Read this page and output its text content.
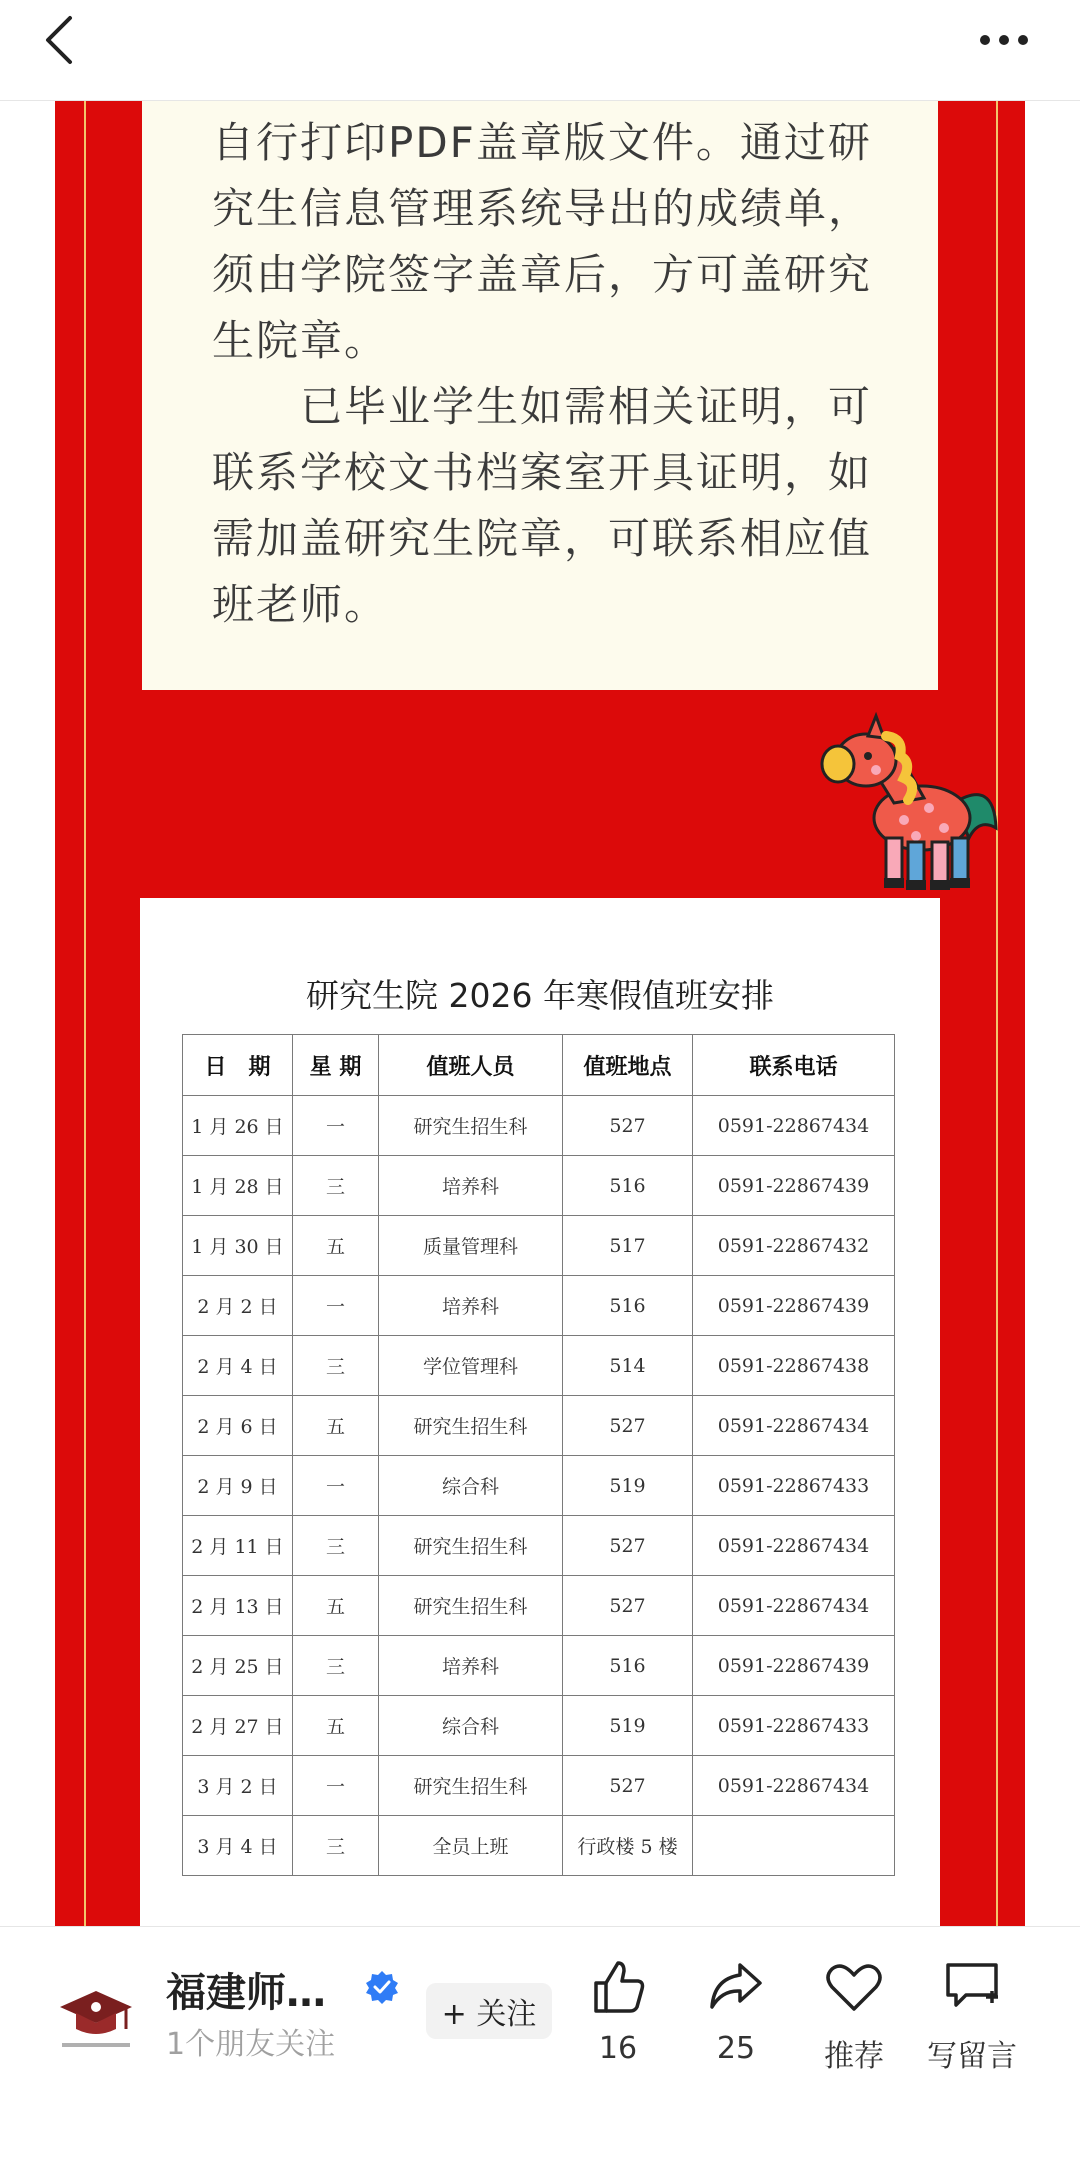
自行打印PDF盖章版文件。通过研究生信息管理系统导出的成绩单，须由学院签字盖章后，方可盖研究生院章。

　　已毕业学生如需相关证明，可联系学校文书档案室开具证明，如需加盖研究生院章，可联系相应值班老师。

研究生院 2026 年寒假值班安排
日　期	星 期	值班人员	值班地点	联系电话
1 月 26 日	一	研究生招生科	527	0591-22867434
1 月 28 日	三	培养科	516	0591-22867439
1 月 30 日	五	质量管理科	517	0591-22867432
2 月 2 日	一	培养科	516	0591-22867439
2 月 4 日	三	学位管理科	514	0591-22867438
2 月 6 日	五	研究生招生科	527	0591-22867434
2 月 9 日	一	综合科	519	0591-22867433
2 月 11 日	三	研究生招生科	527	0591-22867434
2 月 13 日	五	研究生招生科	527	0591-22867434
2 月 25 日	三	培养科	516	0591-22867439
2 月 27 日	五	综合科	519	0591-22867433
3 月 2 日	一	研究生招生科	527	0591-22867434
3 月 4 日	三	全员上班	行政楼 5 楼	
福建师…
1个朋友关注
+ 关注
16	25	推荐	写留言
